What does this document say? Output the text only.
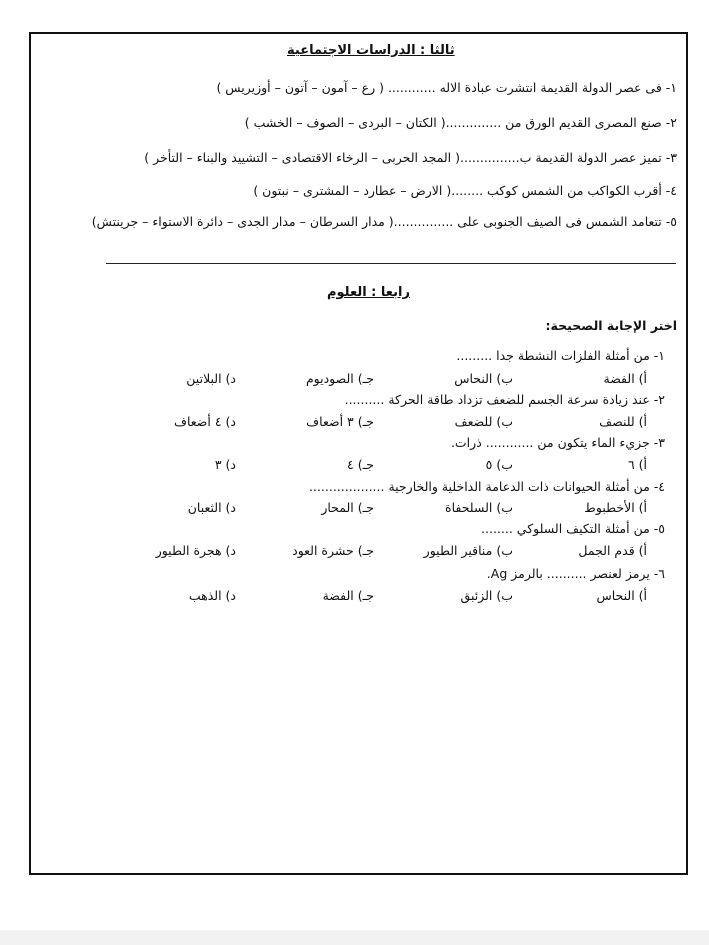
ثالثا : الدراسات الاجتماعية
١- فى عصر الدولة القديمة انتشرت عبادة الاله ............ ( رع – آمون – آتون – أوزيريس )
٢- صنع المصرى القديم الورق من ..............( الكتان – البردى – الصوف – الخشب )
٣- تميز عصر الدولة القديمة ب...............( المجد الحربى – الرخاء الاقتصادى – التشييد والبناء – التأخر )
٤- أقرب الكواكب من الشمس كوكب ........( الارض – عطارد – المشترى – نبتون )
٥- تتعامد الشمس فى الصيف الجنوبى على ...............( مدار السرطان – مدار الجدى – دائرة الاستواء – جرينتش)
رابعا : العلوم
اختر الإجابة الصحيحة:
١- من أمثلة الفلزات النشطة جدا .........
أ) الفضة
ب) النحاس
جـ) الصوديوم
د) البلاتين
٢- عند زيادة سرعة الجسم للضعف تزداد طاقة الحركة ..........
أ) للنصف
ب) للضعف
جـ) ٣ أضعاف
د) ٤ أضعاف
٣- جزيء الماء يتكون من ............ ذرات.
أ) ٦
ب) ٥
جـ) ٤
د) ٣
٤- من أمثلة الحيوانات ذات الدعامة الداخلية والخارجية ...................
أ) الأخطبوط
ب) السلحفاة
جـ) المحار
د) الثعبان
٥- من أمثلة التكيف السلوكي ........
أ) قدم الجمل
ب) مناقير الطيور
جـ) حشرة العود
د) هجرة الطيور
٦- يرمز لعنصر .......... بالرمز Ag.
أ) النحاس
ب) الزئبق
جـ) الفضة
د) الذهب
